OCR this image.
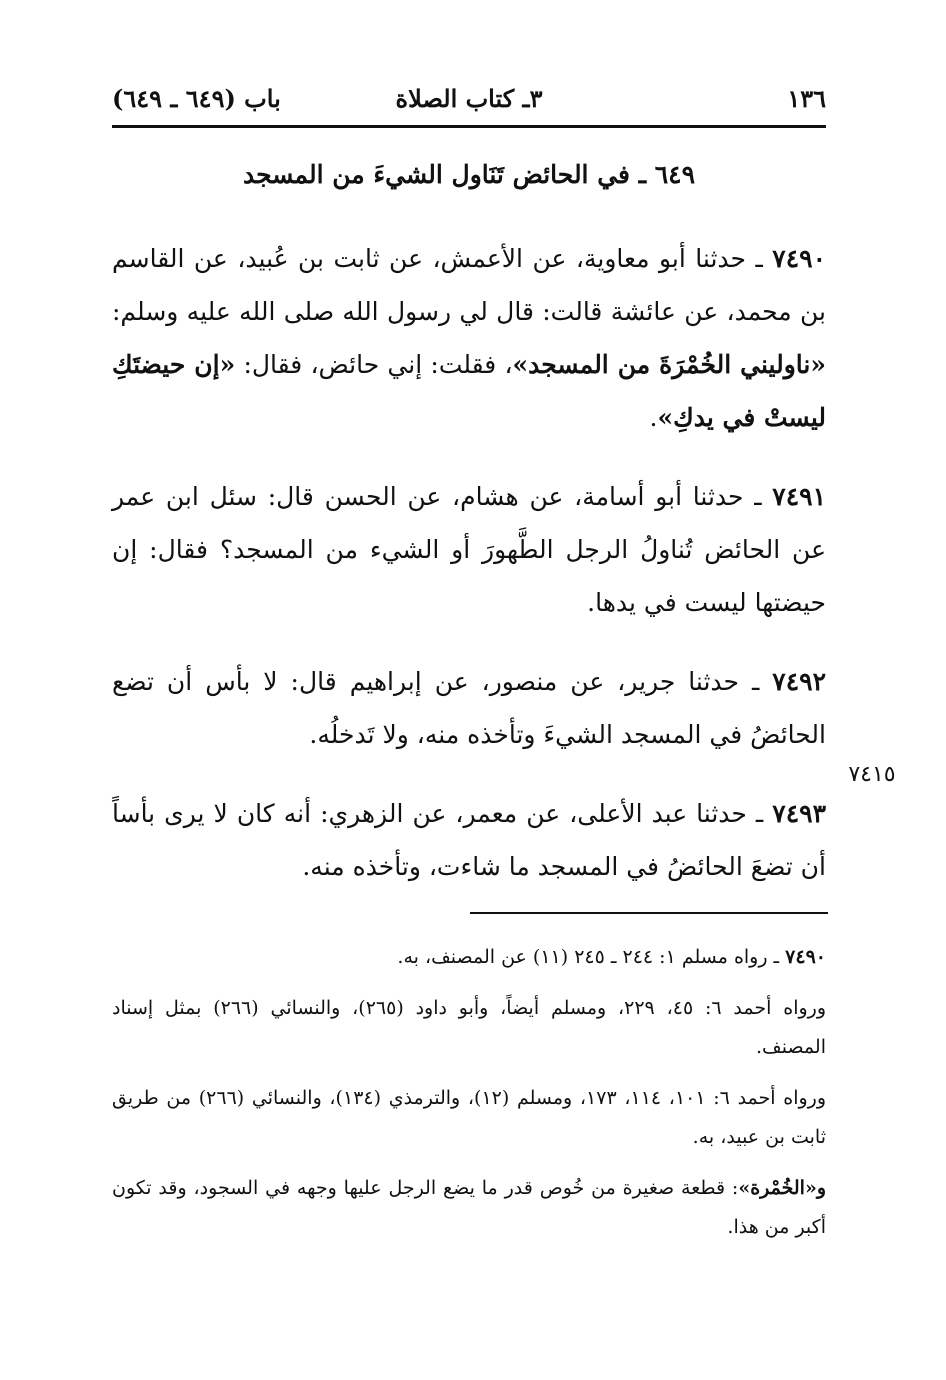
١٣٦
٣ـ كتاب الصلاة
باب (٦٤٩ ـ ٦٤٩)
٦٤٩ ـ في الحائض تَنَاول الشيءَ من المسجد

٧٤٩٠ ـ حدثنا أبو معاوية، عن الأعمش، عن ثابت بن عُبيد، عن القاسم بن محمد، عن عائشة قالت: قال لي رسول الله صلى الله عليه وسلم: «ناوليني الخُمْرَةَ من المسجد»، فقلت: إني حائض، فقال: «إن حيضتَكِ ليستْ في يدكِ».

٧٤٩١ ـ حدثنا أبو أسامة، عن هشام، عن الحسن قال: سئل ابن عمر عن الحائض تُناولُ الرجل الطَّهورَ أو الشيء من المسجد؟ فقال: إن حيضتها ليست في يدها.

٧٤٩٢ ـ حدثنا جرير، عن منصور، عن إبراهيم قال: لا بأس أن تضع الحائضُ في المسجد الشيءَ وتأخذه منه، ولا تَدخلُه.

٧٤٩٣ ـ حدثنا عبد الأعلى، عن معمر، عن الزهري: أنه كان لا يرى بأساً أن تضعَ الحائضُ في المسجد ما شاءت، وتأخذه منه.

٧٤١٥

٧٤٩٠ ـ رواه مسلم ١: ٢٤٤ ـ ٢٤٥ (١١) عن المصنف، به.

ورواه أحمد ٦: ٤٥، ٢٢٩، ومسلم أيضاً، وأبو داود (٢٦٥)، والنسائي (٢٦٦) بمثل إسناد المصنف.

ورواه أحمد ٦: ١٠١، ١١٤، ١٧٣، ومسلم (١٢)، والترمذي (١٣٤)، والنسائي (٢٦٦) من طريق ثابت بن عبيد، به.

و«الخُمْرة»: قطعة صغيرة من خُوص قدر ما يضع الرجل عليها وجهه في السجود، وقد تكون أكبر من هذا.
